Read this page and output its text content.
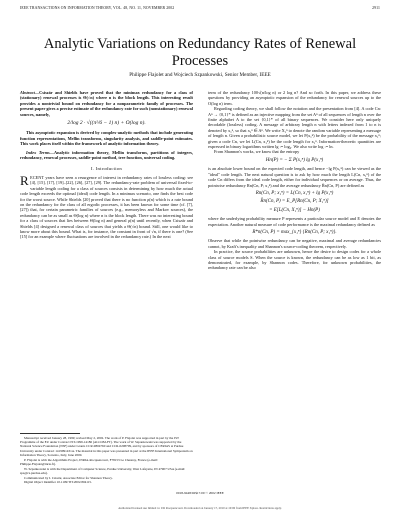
IEEE TRANSACTIONS ON INFORMATION THEORY, VOL. 48, NO. 11, NOVEMBER 2002	2911
Analytic Variations on Redundancy Rates of Renewal Processes
Philippe Flajolet and Wojciech Szpankowski, Senior Member, IEEE

Abstract—Csiszár and Shields have proved that the minimax redundancy for a class of (stationary) renewal processes is Θ(√n) where n is the block length. This interesting result provides a nontrivial bound on redundancy for a nonparametric family of processes. The present paper gives a precise estimate of the redundancy rate for such (nonstationary) renewal sources, namely,

2/log 2 · √((π²/6 − 1) n) + O(log n).

This asymptotic expansion is derived by complex-analytic methods that include generating function representations, Mellin transforms, singularity analysis, and saddle-point estimates. This work places itself within the framework of analytic information theory.

Index Terms—Analytic information theory, Mellin transforms, partitions of integers, redundancy, renewal processes, saddle-point method, tree function, universal coding.

I. Introduction

RECENT years have seen a resurgence of interest in redundancy rates of lossless coding: see [4], [15], [17], [19]–[22], [26], [27], [29]. The redundancy-rate problem of universal fixed-to-variable length coding for a class of sources consists in determining by how much the actual code length exceeds the optimal (ideal) code length. In a minimax scenario, one finds the best code for the worst source. While Shields [20] proved that there is no function ρ(n) which is a rate bound on the redundancy for the class of all ergodic processes, it has been known for some time (cf. [7], [27]) that, for certain parametric families of sources (e.g., memoryless and Markov sources), the redundancy can be as small as Θ(log n) where n is the block length. There was no interesting bound for a class of sources that lies between Θ(log n) and general ρ(n) until recently, when Csiszár and Shields [4] designed a renewal class of sources that yields a Θ(√n) bound. Still, one would like to know more about this bound. What is, for instance, the constant in front of √n, if there is one? (See [15] for an example where fluctuations are involved in the redundancy rate.) In the next

Manuscript received January 28, 1999; revised May 2, 2002. The work of P. Flajolet was supported in part by the IST Programme of the EU under Contract IST-1999-14186 (ALCOM-FT). The work of W. Szpankowski was supported by the National Science Foundation (NSF) under Grants CCR-9804760 and CCR-0208709, and by sponsors of CERIAS at Purdue University under Contract 1419991431A. The material in this paper was presented in part at the IEEE International Symposium on Information Theory, Sorrento, Italy, June 2000.

P. Flajolet is with the Algorithms Project, INRIA-Rocquencourt, F78153 Le Chesnay, France (e-mail: Philippe.Flajolet@inria.fr).

W. Szpankowski is with the Department of Computer Science, Purdue University, West Lafayette, IN 47907 USA (e-mail: spa@cs.purdue.edu).

Communicated by I. Csiszár, Associate Editor for Shannon Theory.

Digital Object Identifier 10.1109/TIT.2002.804115.

term of the redundancy 100√(n/log n) or 2 log n? And so forth. In this paper, we address these questions by providing an asymptotic expansion of the redundancy for renewal sources up to the O(log n) term.

Regarding coding theory, we shall follow the notation and the presentation from [4]. A code Cn: Aⁿ → {0,1}* is defined as an injective mapping from the set Aⁿ of all sequences of length n over the finite alphabet A to the set {0,1}* of all binary sequences. We consider here only uniquely decodable (lossless) coding. A message of arbitrary length n with letters indexed from 1 to n is denoted by x₁ⁿ, so that x₁ⁿ ∈ Aⁿ. We write X₁ⁿ to denote the random variable representing a message of length n. Given a probabilistic source model, we let P(x₁ⁿ) be the probability of the message x₁ⁿ; given a code Cn, we let L(Cn, x₁ⁿ) be the code length for x₁ⁿ. Information-theoretic quantities are expressed in binary logarithms written lg := log₂. We also write log := ln.

From Shannon's works, we know that the entropy

Hn(P) = − Σ P(x₁ⁿ) lg P(x₁ⁿ)

is an absolute lower bound on the expected code length, and hence −lg P(x₁ⁿ) can be viewed as the "ideal" code length. The next natural question is to ask by how much the length L(Cn, x₁ⁿ) of the code Cn differs from the ideal code length, either for individual sequences or on average. Thus, the pointwise redundancy Rn(Cn, P; x₁ⁿ) and the average redundancy R̄n(Cn, P) are defined as

Rn(Cn, P; x₁ⁿ) = L(Cn, x₁ⁿ) + lg P(x₁ⁿ)
R̄n(Cn, P) = E_P[Rn(Cn, P; X₁ⁿ)]
= E[L(Cn, X₁ⁿ)] − Hn(P)

where the underlying probability measure P represents a particular source model and E denotes the expectation. Another natural measure of code performance is the maximal redundancy defined as

R*n(Cn, P) = max_{x₁ⁿ} {Rn(Cn, P; x₁ⁿ)}.

Observe that while the pointwise redundancy can be negative, maximal and average redundancies cannot, by Kraft's inequality and Shannon's source-coding theorem, respectively.

In practice, the source probabilities are unknown, hence the desire to design codes for a whole class of source models S. When the source is known, the redundancy can be as low as 1 bit, as demonstrated, for example, by Shannon codes. Therefore, for unknown probabilities, the redundancy rate can be also

0018-9448/02$17.00 © 2002 IEEE
Authorized licensed use limited to: UR Rocquencourt. Downloaded on January 17, 2010 at 10:06 from IEEE Xplore. Restrictions apply.
